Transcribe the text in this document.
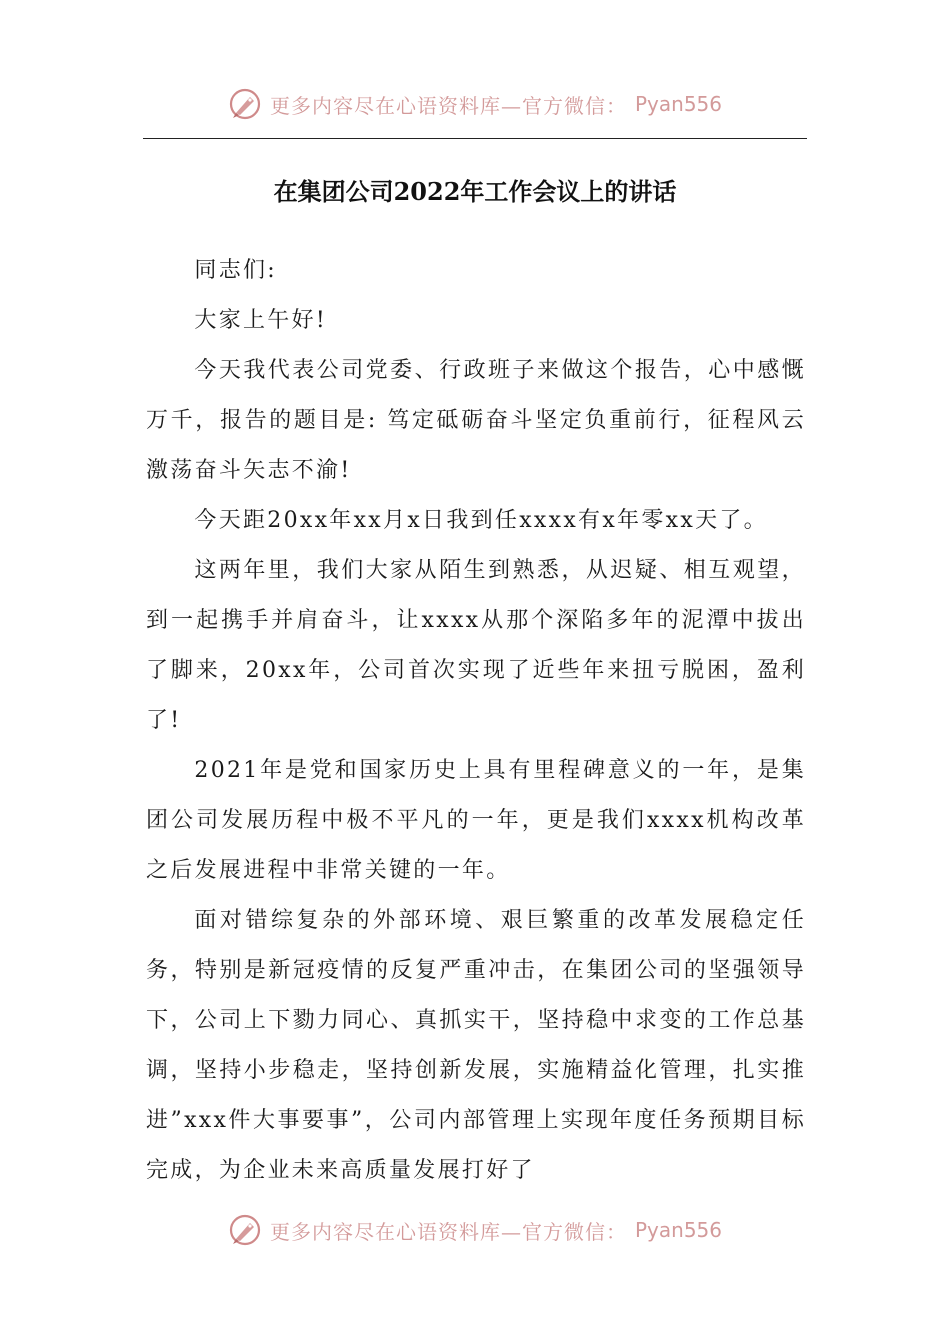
更多内容尽在心语资料库—官方微信： Pyan556
在集团公司2022年工作会议上的讲话

同志们:

大家上午好!

今天我代表公司党委、行政班子来做这个报告，心中感慨万千，报告的题目是: 笃定砥砺奋斗坚定负重前行，征程风云激荡奋斗矢志不渝!

今天距20xx年xx月x日我到任xxxx有x年零xx天了。

这两年里，我们大家从陌生到熟悉，从迟疑、相互观望，到一起携手并肩奋斗，让xxxx从那个深陷多年的泥潭中拔出了脚来，20xx年，公司首次实现了近些年来扭亏脱困，盈利了!

2021年是党和国家历史上具有里程碑意义的一年，是集团公司发展历程中极不平凡的一年，更是我们xxxx机构改革之后发展进程中非常关键的一年。

面对错综复杂的外部环境、艰巨繁重的改革发展稳定任务，特别是新冠疫情的反复严重冲击，在集团公司的坚强领导下，公司上下勠力同心、真抓实干，坚持稳中求变的工作总基调，坚持小步稳走，坚持创新发展，实施精益化管理，扎实推进”xxx件大事要事”，公司内部管理上实现年度任务预期目标完成，为企业未来高质量发展打好了

更多内容尽在心语资料库—官方微信： Pyan556
